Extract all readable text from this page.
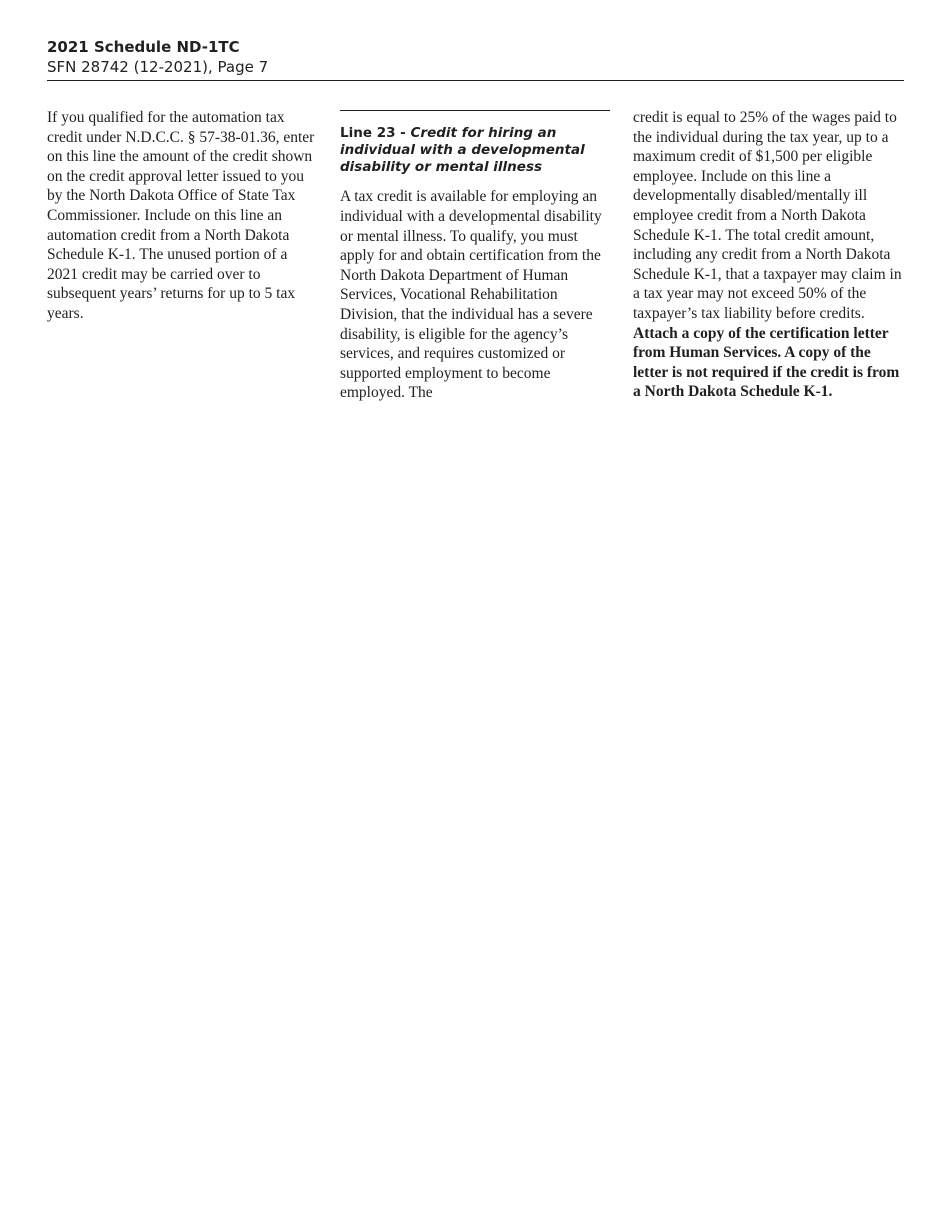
2021 Schedule ND-1TC
SFN 28742 (12-2021), Page 7

If you qualified for the automation tax credit under N.D.C.C. § 57-38-01.36, enter on this line the amount of the credit shown on the credit approval letter issued to you by the North Dakota Office of State Tax Commissioner. Include on this line an automation credit from a North Dakota Schedule K-1. The unused portion of a 2021 credit may be carried over to subsequent years’ returns for up to 5 tax years.

Line 23 - Credit for hiring an individual with a developmental disability or mental illness

A tax credit is available for employing an individual with a developmental disability or mental illness. To qualify, you must apply for and obtain certification from the North Dakota Department of Human Services, Vocational Rehabilitation Division, that the individual has a severe disability, is eligible for the agency’s services, and requires customized or supported employment to become employed. The

credit is equal to 25% of the wages paid to the individual during the tax year, up to a maximum credit of $1,500 per eligible employee. Include on this line a developmentally disabled/mentally ill employee credit from a North Dakota Schedule K-1. The total credit amount, including any credit from a North Dakota Schedule K-1, that a taxpayer may claim in a tax year may not exceed 50% of the taxpayer’s tax liability before credits. Attach a copy of the certification letter from Human Services. A copy of the letter is not required if the credit is from a North Dakota Schedule K-1.
